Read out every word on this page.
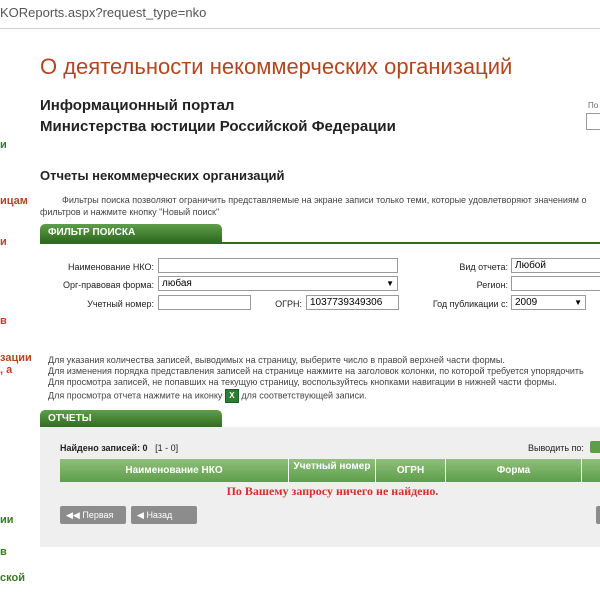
KOReports.aspx?request_type=nko
О деятельности некоммерческих организаций
Информационный портал
Министерства юстиции Российской Федерации
По
и
ицам
и
в
зации
, а
ии
в
ской
Отчеты некоммерческих организаций
Фильтры поиска позволяют ограничить представляемые на экране записи только теми, которые удовлетворяют значениям о фильтров и нажмите кнопку "Новый поиск"
ФИЛЬТР ПОИСКА
Наименование НКО:	Вид отчета: Любой
Орг-правовая форма: любая	▼	Регион:
Учетный номер:	ОГРН: 1037739349306	Год публикации с: 2009	▼
Для указания количества записей, выводимых на страницу, выберите число в правой верхней части формы.
Для изменения порядка представления записей на странице нажмите на заголовок колонки, по которой требуется упорядочить
Для просмотра записей, не попавших на текущую страницу, воспользуйтесь кнопками навигации в нижней части формы.
Для просмотра отчета нажмите на иконку X для соответствующей записи.
ОТЧЕТЫ
Найдено записей: 0 [1 - 0]	Выводить по:
Наименование НКО	Учетный номер	ОГРН	Форма
По Вашему запросу ничего не найдено.
◀◀ Первая	◀ Назад
